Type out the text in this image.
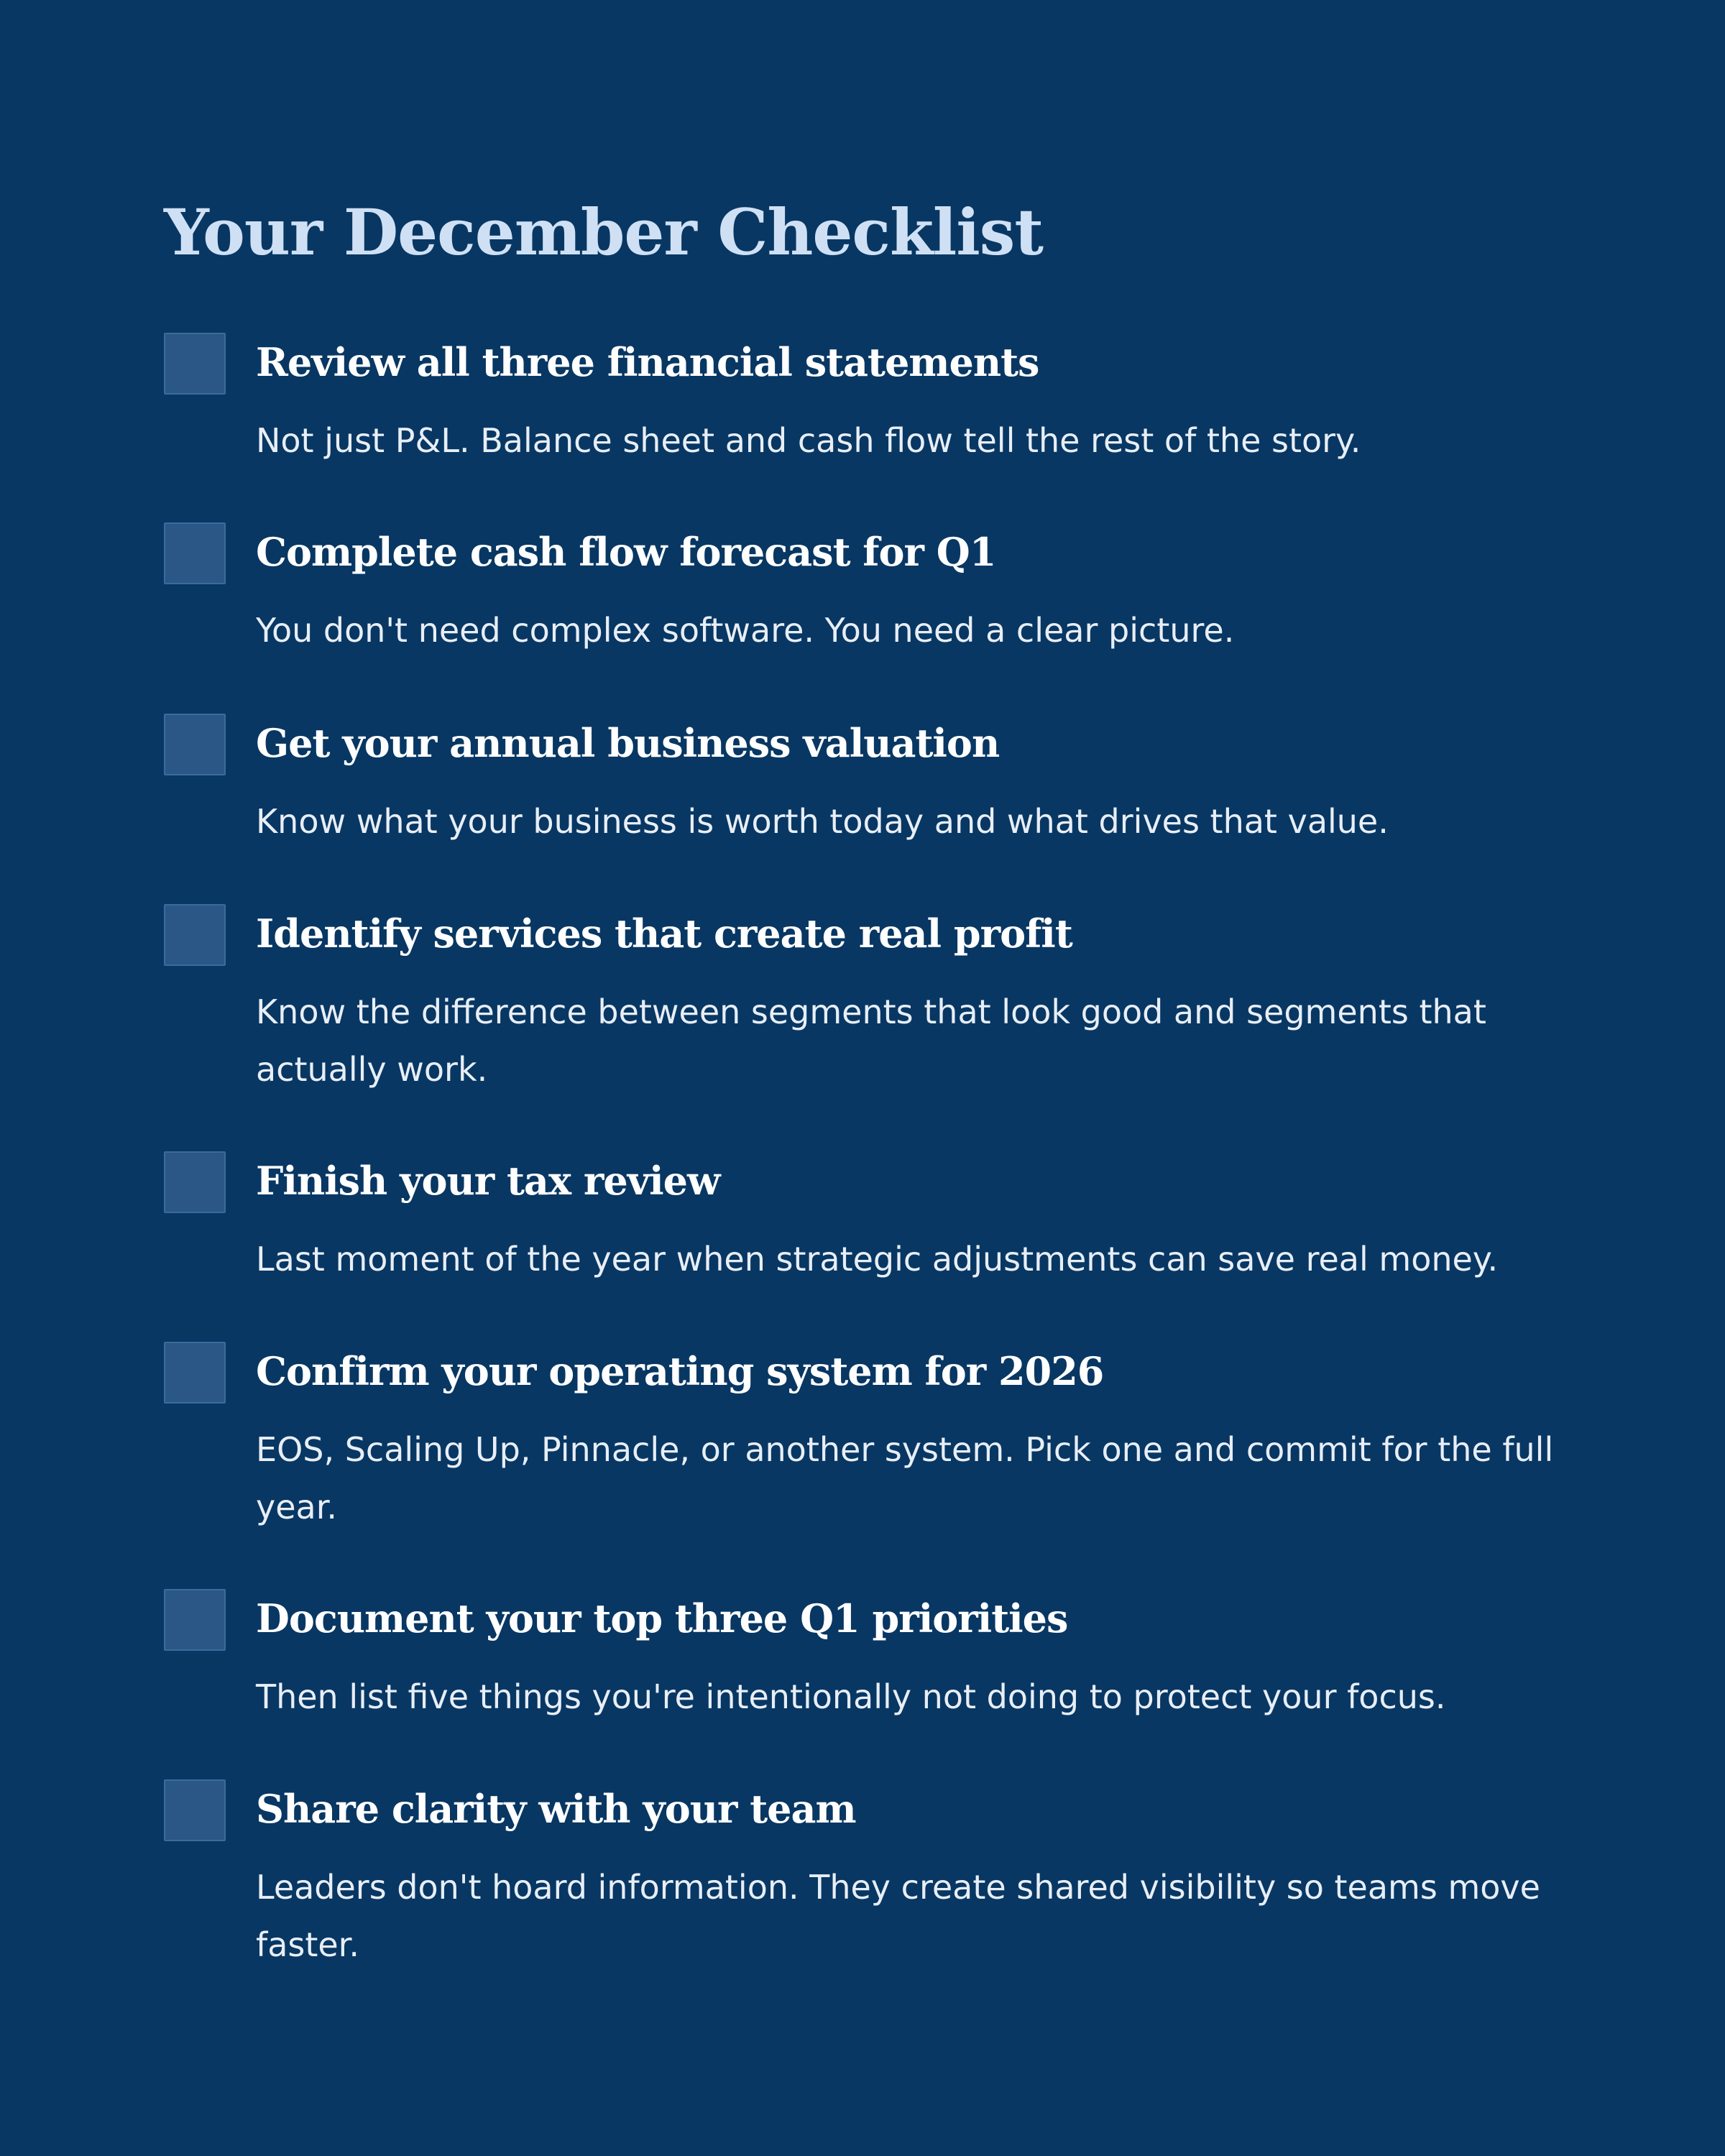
Your December Checklist
Review all three financial statements
Not just P&L. Balance sheet and cash flow tell the rest of the story.
Complete cash flow forecast for Q1
You don't need complex software. You need a clear picture.
Get your annual business valuation
Know what your business is worth today and what drives that value.
Identify services that create real profit
Know the difference between segments that look good and segments that actually work.
Finish your tax review
Last moment of the year when strategic adjustments can save real money.
Confirm your operating system for 2026
EOS, Scaling Up, Pinnacle, or another system. Pick one and commit for the full year.
Document your top three Q1 priorities
Then list five things you're intentionally not doing to protect your focus.
Share clarity with your team
Leaders don't hoard information. They create shared visibility so teams move faster.
